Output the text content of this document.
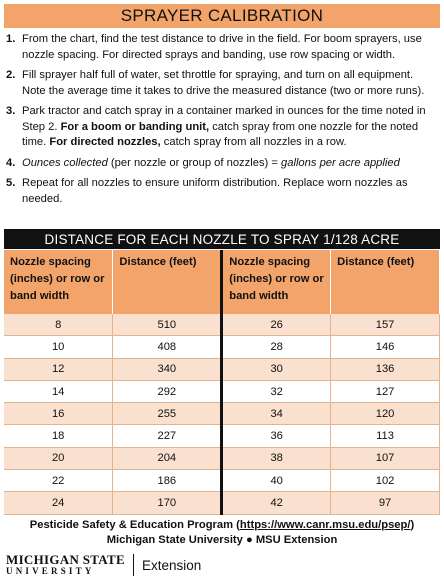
SPRAYER CALIBRATION
1. From the chart, find the test distance to drive in the field. For boom sprayers, use nozzle spacing. For directed sprays and banding, use row spacing or width.
2. Fill sprayer half full of water, set throttle for spraying, and turn on all equipment. Note the average time it takes to drive the measured distance (two or more runs).
3. Park tractor and catch spray in a container marked in ounces for the time noted in Step 2. For a boom or banding unit, catch spray from one nozzle for the noted time. For directed nozzles, catch spray from all nozzles in a row.
4. Ounces collected (per nozzle or group of nozzles) = gallons per acre applied
5. Repeat for all nozzles to ensure uniform distribution. Replace worn nozzles as needed.
DISTANCE FOR EACH NOZZLE TO SPRAY 1/128 ACRE
Nozzle spacing (inches) or row or band width	Distance (feet)	Nozzle spacing (inches) or row or band width	Distance (feet)
8	510	26	157
10	408	28	146
12	340	30	136
14	292	32	127
16	255	34	120
18	227	36	113
20	204	38	107
22	186	40	102
24	170	42	97
Pesticide Safety & Education Program (https://www.canr.msu.edu/psep/)
Michigan State University ● MSU Extension
MICHIGAN STATE
UNIVERSITY	Extension
